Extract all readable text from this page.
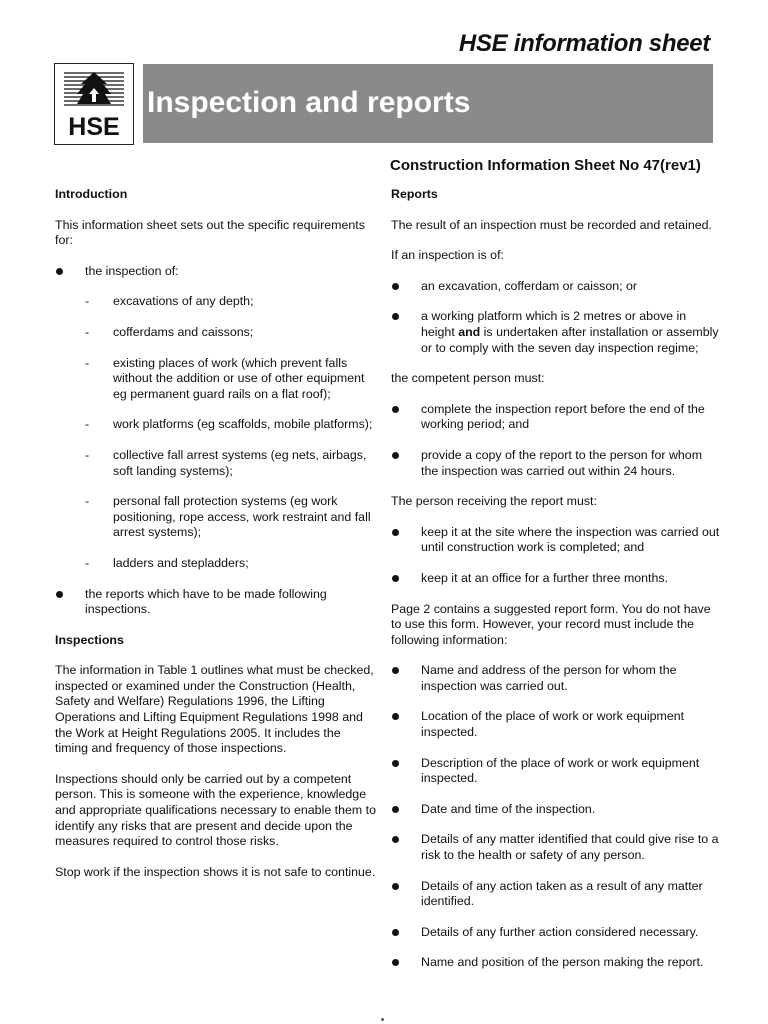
HSE information sheet
HSE
Inspection and reports
Construction Information Sheet No 47(rev1)
Introduction

This information sheet sets out the specific requirements for:

the inspection of:
- excavations of any depth;
- cofferdams and caissons;
- existing places of work (which prevent falls without the addition or use of other equipment eg permanent guard rails on a flat roof);
- work platforms (eg scaffolds, mobile platforms);
- collective fall arrest systems (eg nets, airbags, soft landing systems);
- personal fall protection systems (eg work positioning, rope access, work restraint and fall arrest systems);
- ladders and stepladders;
the reports which have to be made following inspections.
Inspections

The information in Table 1 outlines what must be checked, inspected or examined under the Construction (Health, Safety and Welfare) Regulations 1996, the Lifting Operations and Lifting Equipment Regulations 1998 and the Work at Height Regulations 2005. It includes the timing and frequency of those inspections.

Inspections should only be carried out by a competent person. This is someone with the experience, knowledge and appropriate qualifications necessary to enable them to identify any risks that are present and decide upon the measures required to control those risks.

Stop work if the inspection shows it is not safe to continue.

Reports

The result of an inspection must be recorded and retained.

If an inspection is of:

an excavation, cofferdam or caisson; or
a working platform which is 2 metres or above in height and is undertaken after installation or assembly or to comply with the seven day inspection regime;

the competent person must:

complete the inspection report before the end of the working period; and
provide a copy of the report to the person for whom the inspection was carried out within 24 hours.

The person receiving the report must:

keep it at the site where the inspection was carried out until construction work is completed; and
keep it at an office for a further three months.

Page 2 contains a suggested report form. You do not have to use this form. However, your record must include the following information:

Name and address of the person for whom the inspection was carried out.
Location of the place of work or work equipment inspected.
Description of the place of work or work equipment inspected.
Date and time of the inspection.
Details of any matter identified that could give rise to a risk to the health or safety of any person.
Details of any action taken as a result of any matter identified.
Details of any further action considered necessary.
Name and position of the person making the report.
